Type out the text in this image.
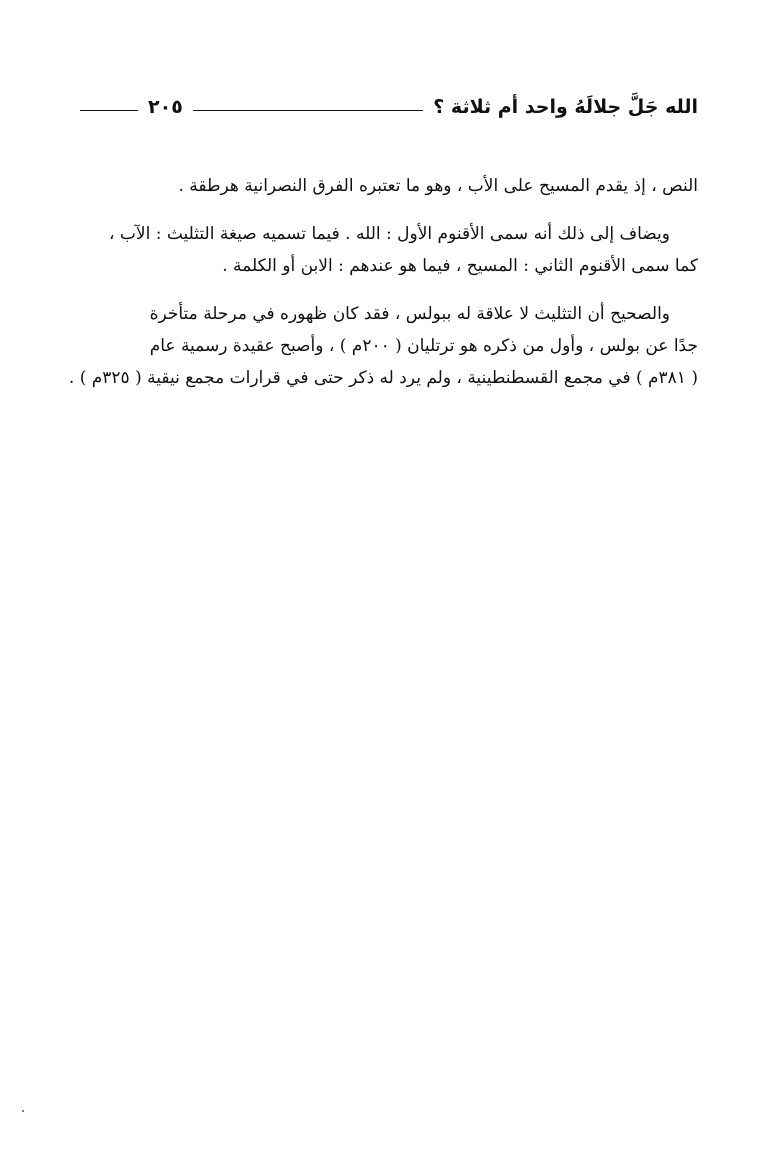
الله جَلَّ جلالَهُ واحد أم ثلاثة ؟
٢٠٥

النص ، إذ يقدم المسيح على الأب ، وهو ما تعتبره الفرق النصرانية هرطقة .

ويضاف إلى ذلك أنه سمى الأقنوم الأول : الله . فيما تسميه صيغة التثليث : الآب ،
كما سمى الأقنوم الثاني : المسيح ، فيما هو عندهم : الابن أو الكلمة .

والصحيح أن التثليث لا علاقة له ببولس ، فقد كان ظهوره في مرحلة متأخرة
جدًا عن بولس ، وأول من ذكره هو ترتليان ( ٢٠٠م ) ، وأصبح عقيدة رسمية عام
( ٣٨١م ) في مجمع القسطنطينية ، ولم يرد له ذكر حتى في قرارات مجمع نيقية ( ٣٢٥م ) .
